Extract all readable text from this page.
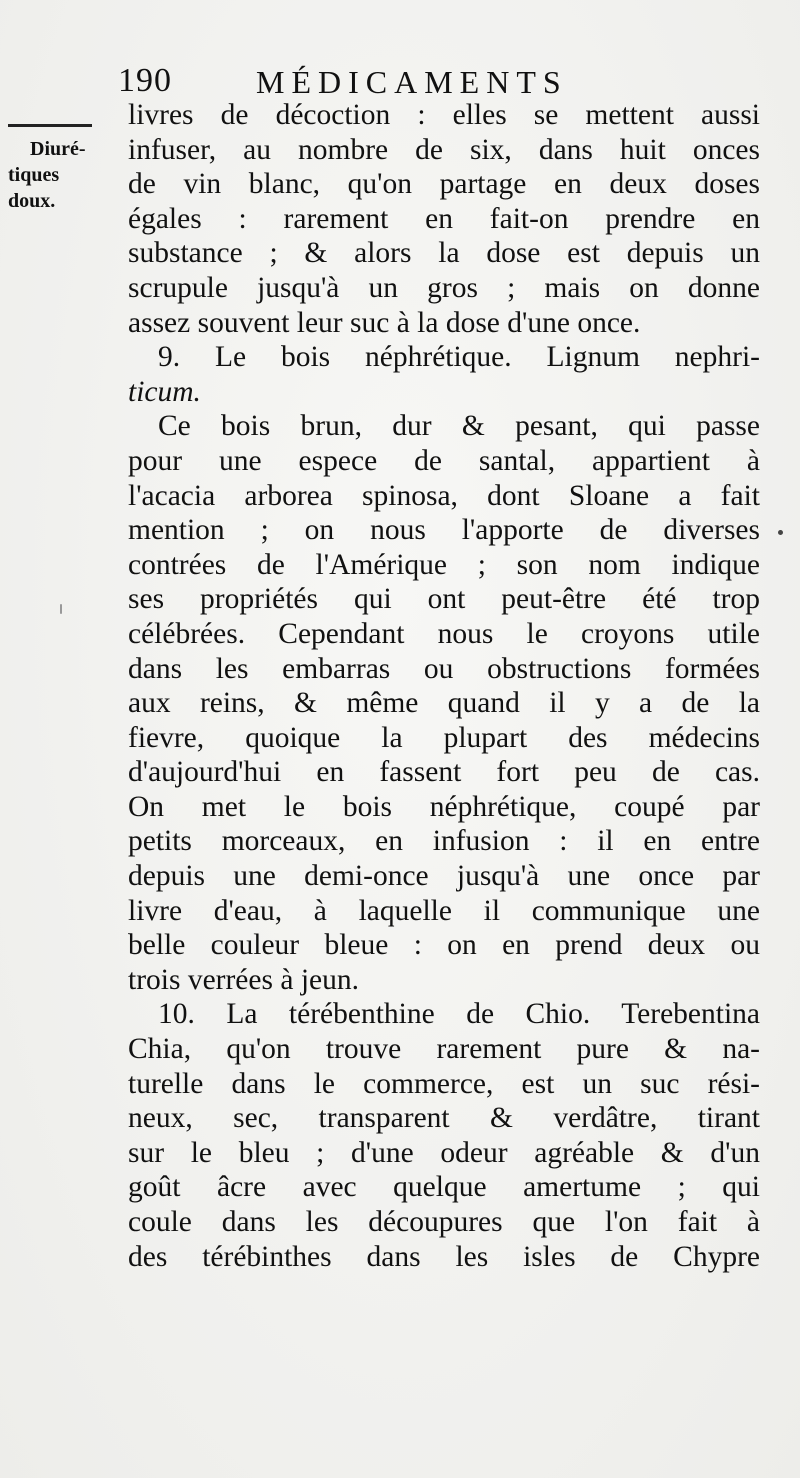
190	MÉDICAMENTS
Diuré-
tiques
doux.
livres de décoction : elles se mettent aussi
infuser, au nombre de six, dans huit onces
de vin blanc, qu'on partage en deux doses
égales : rarement en fait-on prendre en
substance ; & alors la dose est depuis un
scrupule jusqu'à un gros ; mais on donne
assez souvent leur suc à la dose d'une once.
9. Le bois néphrétique. Lignum nephri-
ticum.
Ce bois brun, dur & pesant, qui passe
pour une espece de santal, appartient à
l'acacia arborea spinosa, dont Sloane a fait
mention ; on nous l'apporte de diverses
contrées de l'Amérique ; son nom indique
ses propriétés qui ont peut-être été trop
célébrées. Cependant nous le croyons utile
dans les embarras ou obstructions formées
aux reins, & même quand il y a de la
fievre, quoique la plupart des médecins
d'aujourd'hui en fassent fort peu de cas.
On met le bois néphrétique, coupé par
petits morceaux, en infusion : il en entre
depuis une demi-once jusqu'à une once par
livre d'eau, à laquelle il communique une
belle couleur bleue : on en prend deux ou
trois verrées à jeun.
10. La térébenthine de Chio. Terebentina
Chia, qu'on trouve rarement pure & na-
turelle dans le commerce, est un suc rési-
neux, sec, transparent & verdâtre, tirant
sur le bleu ; d'une odeur agréable & d'un
goût âcre avec quelque amertume ; qui
coule dans les découpures que l'on fait à
des térébinthes dans les isles de Chypre
